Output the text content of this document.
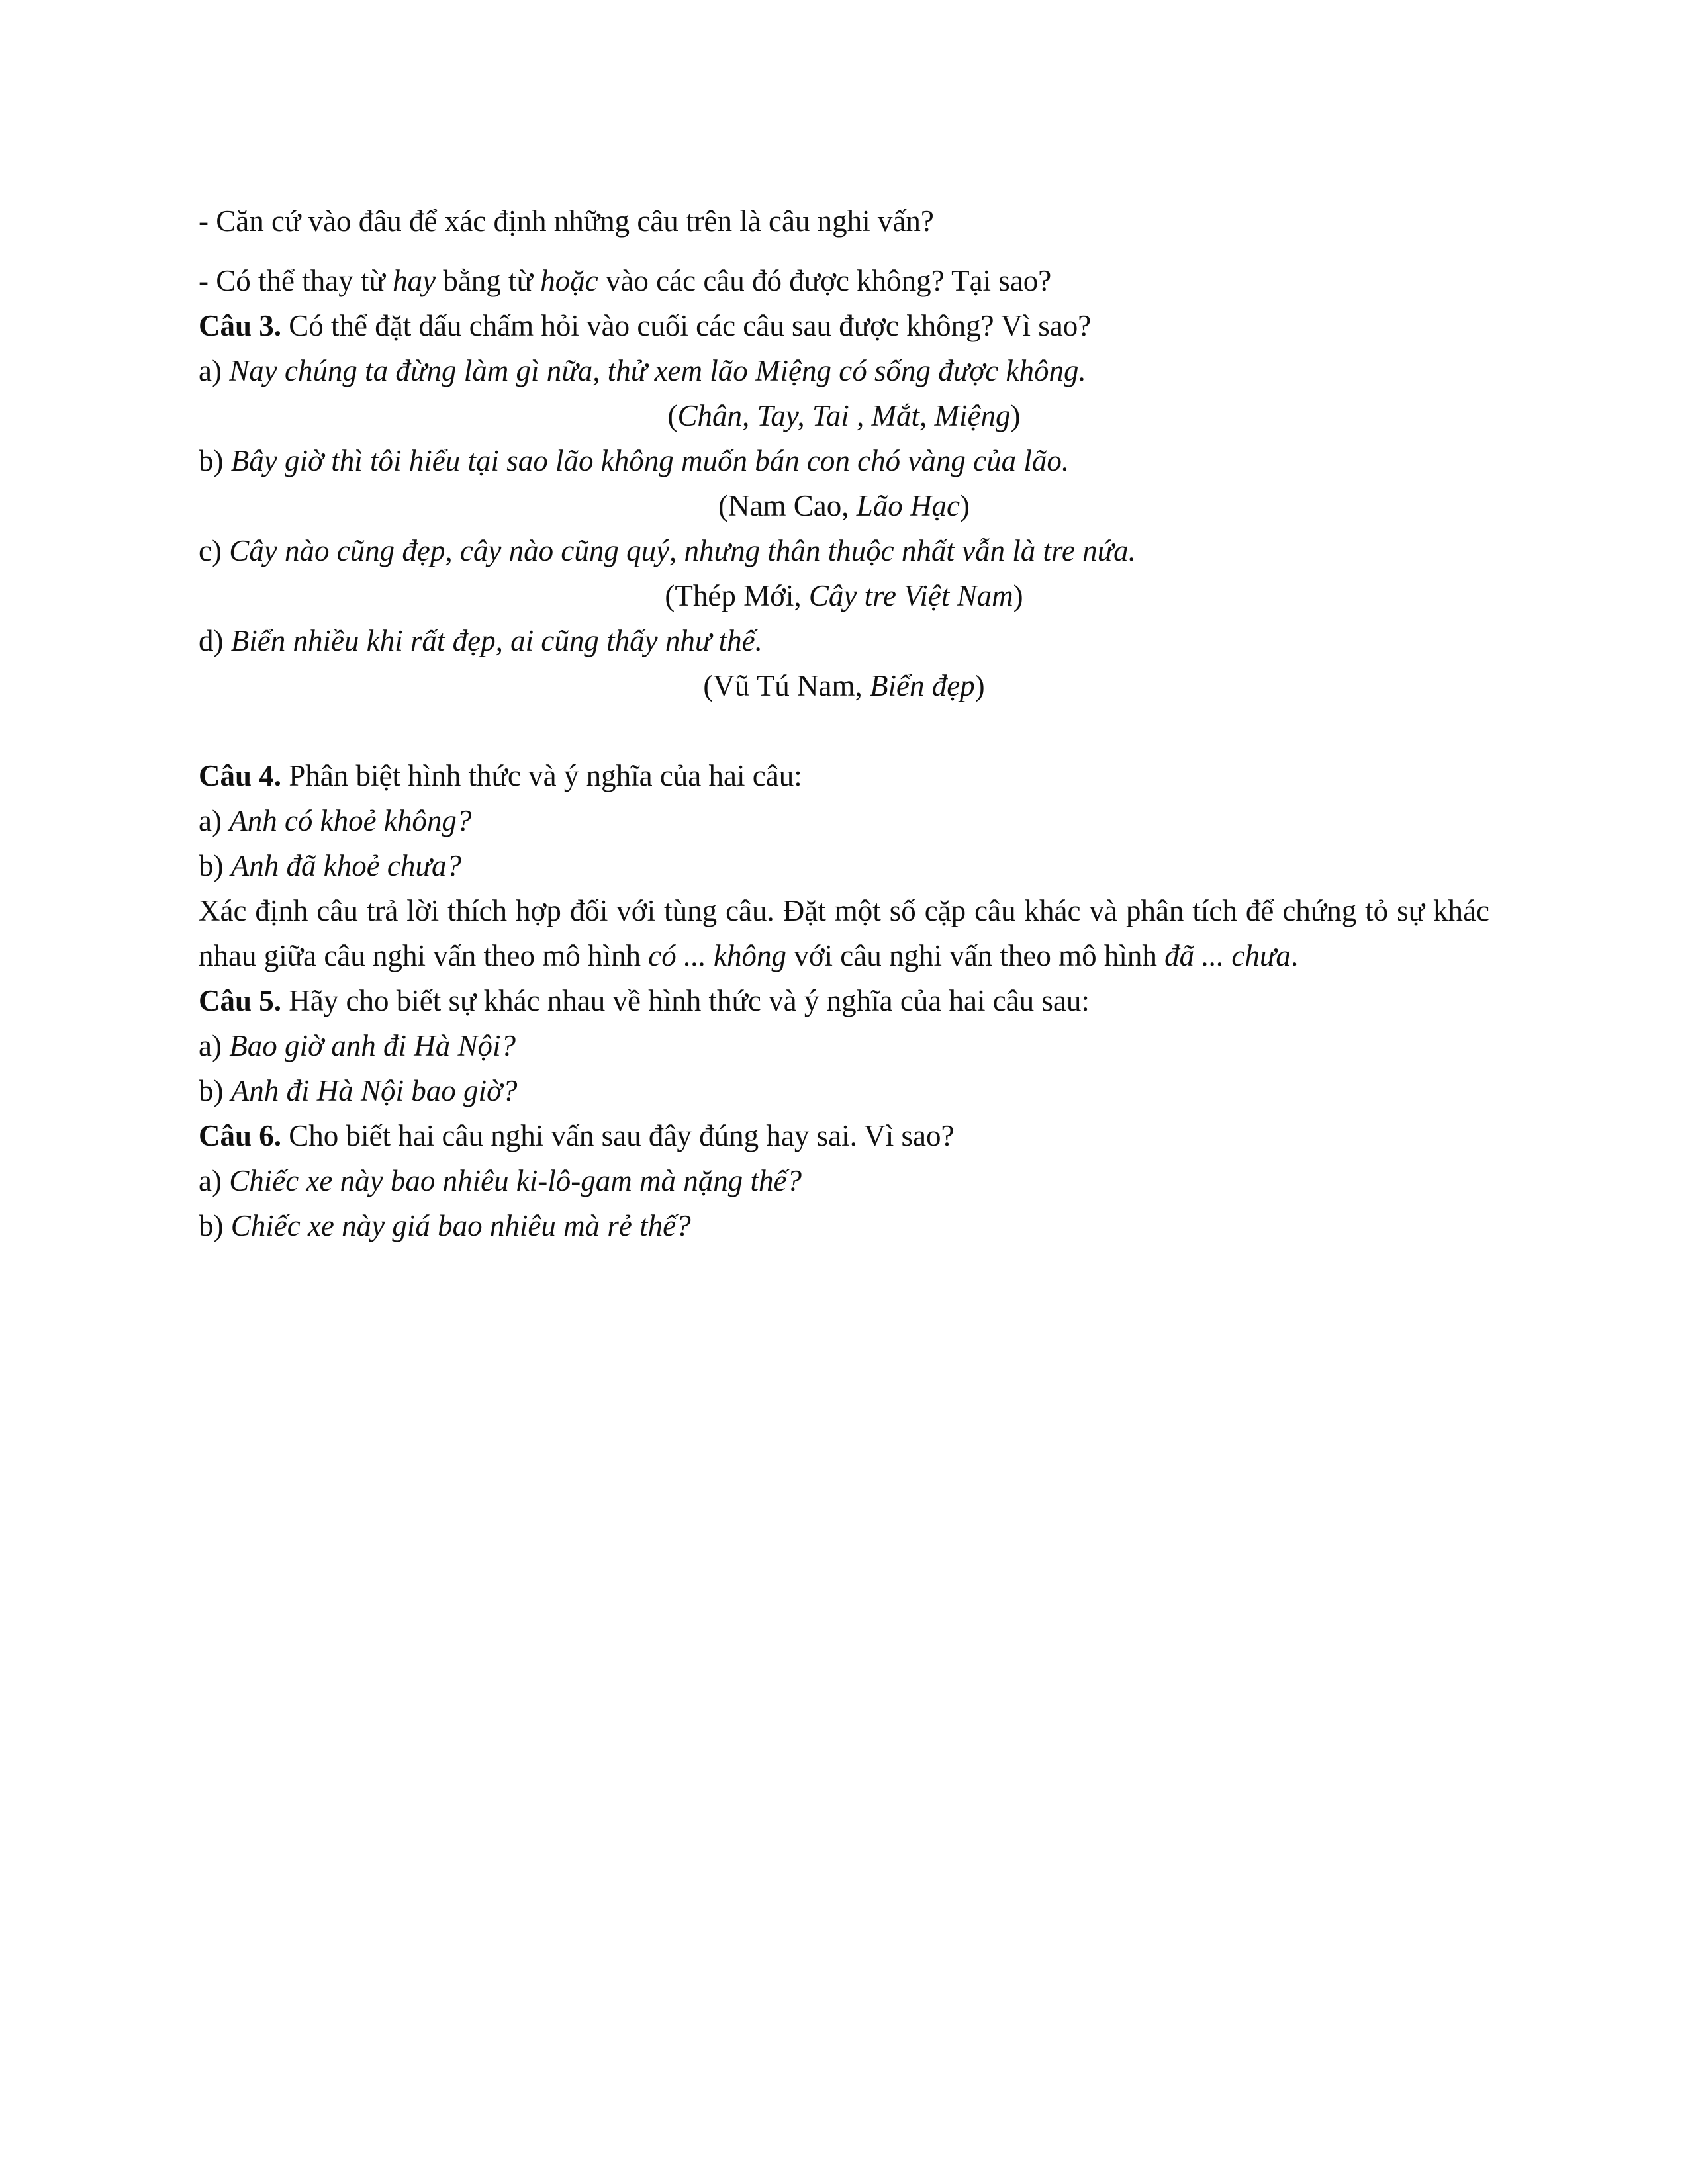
- Căn cứ vào đâu để xác định những câu trên là câu nghi vấn?

- Có thể thay từ hay bằng từ hoặc vào các câu đó được không? Tại sao?

Câu 3. Có thể đặt dấu chấm hỏi vào cuối các câu sau được không? Vì sao?

a) Nay chúng ta đừng làm gì nữa, thử xem lão Miệng có sống được không.

(Chân, Tay, Tai , Mắt, Miệng)

b) Bây giờ thì tôi hiểu tại sao lão không muốn bán con chó vàng của lão.

(Nam Cao, Lão Hạc)

c) Cây nào cũng đẹp, cây nào cũng quý, nhưng thân thuộc nhất vẫn là tre nứa.

(Thép Mới, Cây tre Việt Nam)

d) Biển nhiều khi rất đẹp, ai cũng thấy như thế.

(Vũ Tú Nam, Biển đẹp)

Câu 4. Phân biệt hình thức và ý nghĩa của hai câu:

a) Anh có khoẻ không?

b) Anh đã khoẻ chưa?

Xác định câu trả lời thích hợp đối với tùng câu. Đặt một số cặp câu khác và phân tích để chứng tỏ sự khác nhau giữa câu nghi vấn theo mô hình có ... không với câu nghi vấn theo mô hình đã ... chưa.

Câu 5. Hãy cho biết sự khác nhau về hình thức và ý nghĩa của hai câu sau:

a) Bao giờ anh đi Hà Nội?

b) Anh đi Hà Nội bao giờ?

Câu 6. Cho biết hai câu nghi vấn sau đây đúng hay sai. Vì sao?

a) Chiếc xe này bao nhiêu ki-lô-gam mà nặng thế?

b) Chiếc xe này giá bao nhiêu mà rẻ thế?
